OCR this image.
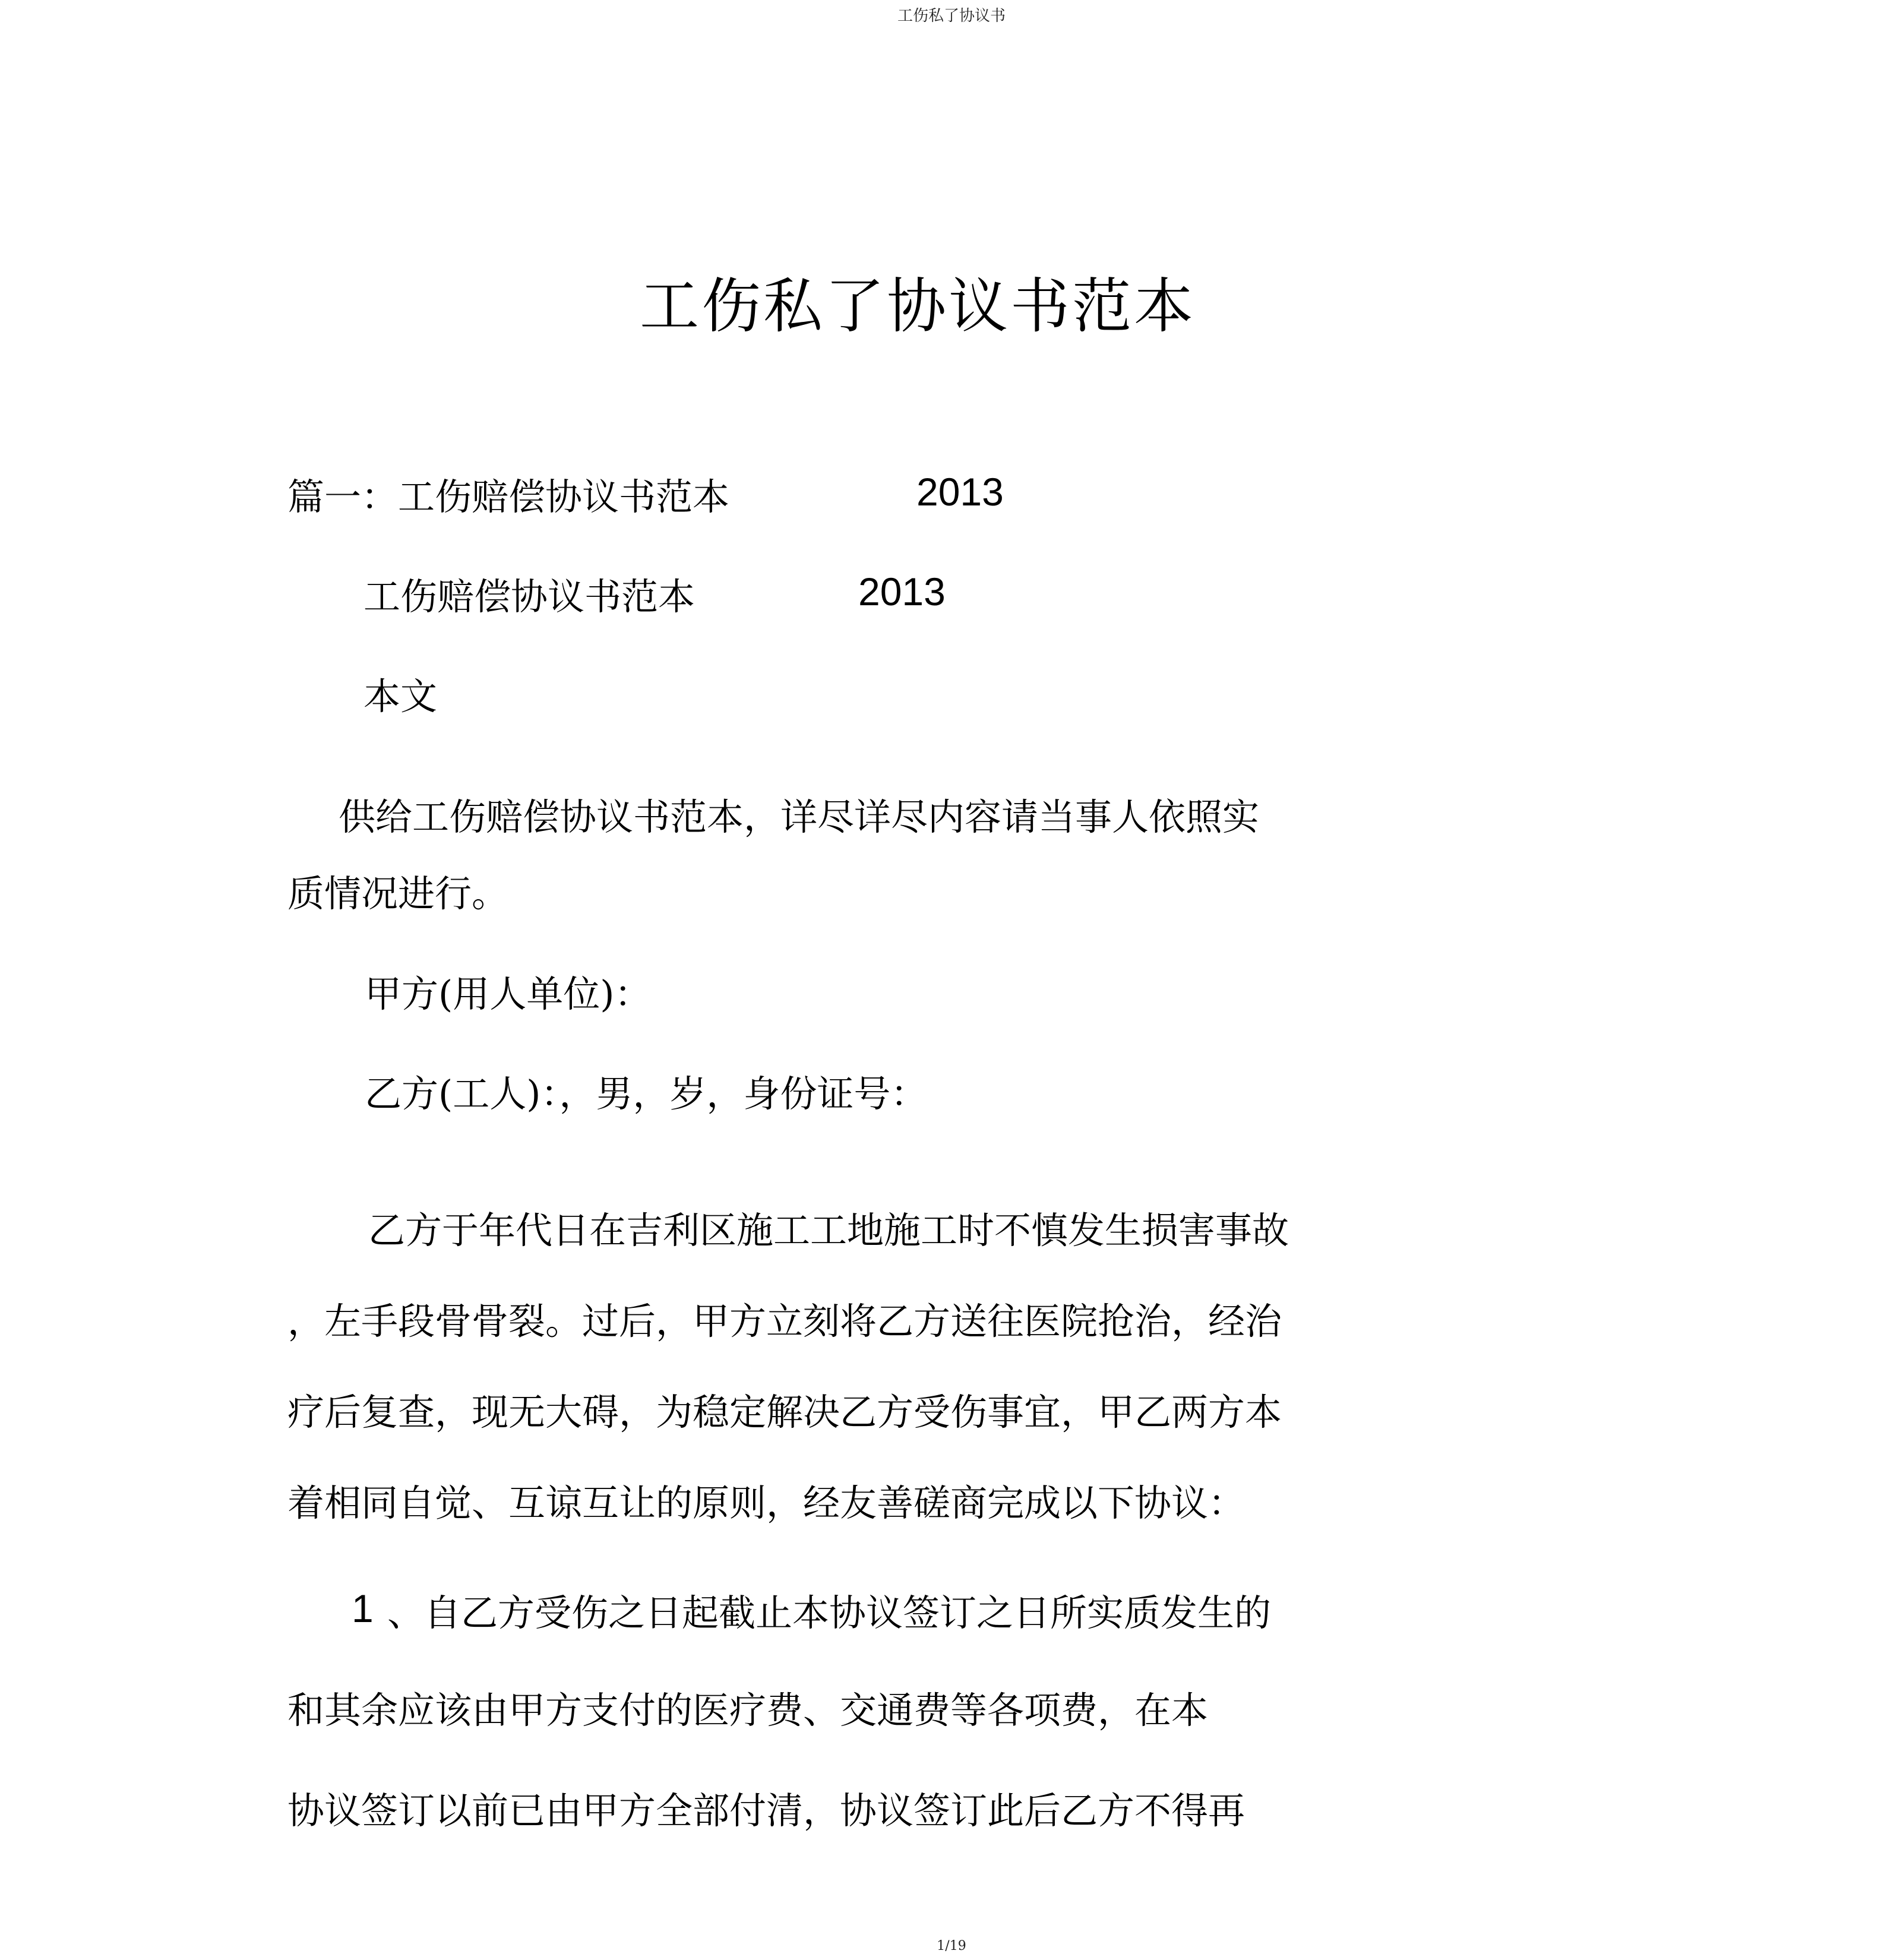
工伤私了协议书
工伤私了协议书范本
篇一：工伤赔偿协议书范本	2013
工伤赔偿协议书范本	2013
本文
供给工伤赔偿协议书范本，详尽详尽内容请当事人依照实
质情况进行。
甲方(用人单位)：
乙方(工人)：，男，岁，身份证号：
乙方于年代日在吉利区施工工地施工时不慎发生损害事故
，左手段骨骨裂。过后，甲方立刻将乙方送往医院抢治，经治
疗后复查，现无大碍，为稳定解决乙方受伤事宜，甲乙两方本
着相同自觉、互谅互让的原则，经友善磋商完成以下协议：
1 、自乙方受伤之日起截止本协议签订之日所实质发生的
和其余应该由甲方支付的医疗费、交通费等各项费，在本
协议签订以前已由甲方全部付清，协议签订此后乙方不得再
1/19
